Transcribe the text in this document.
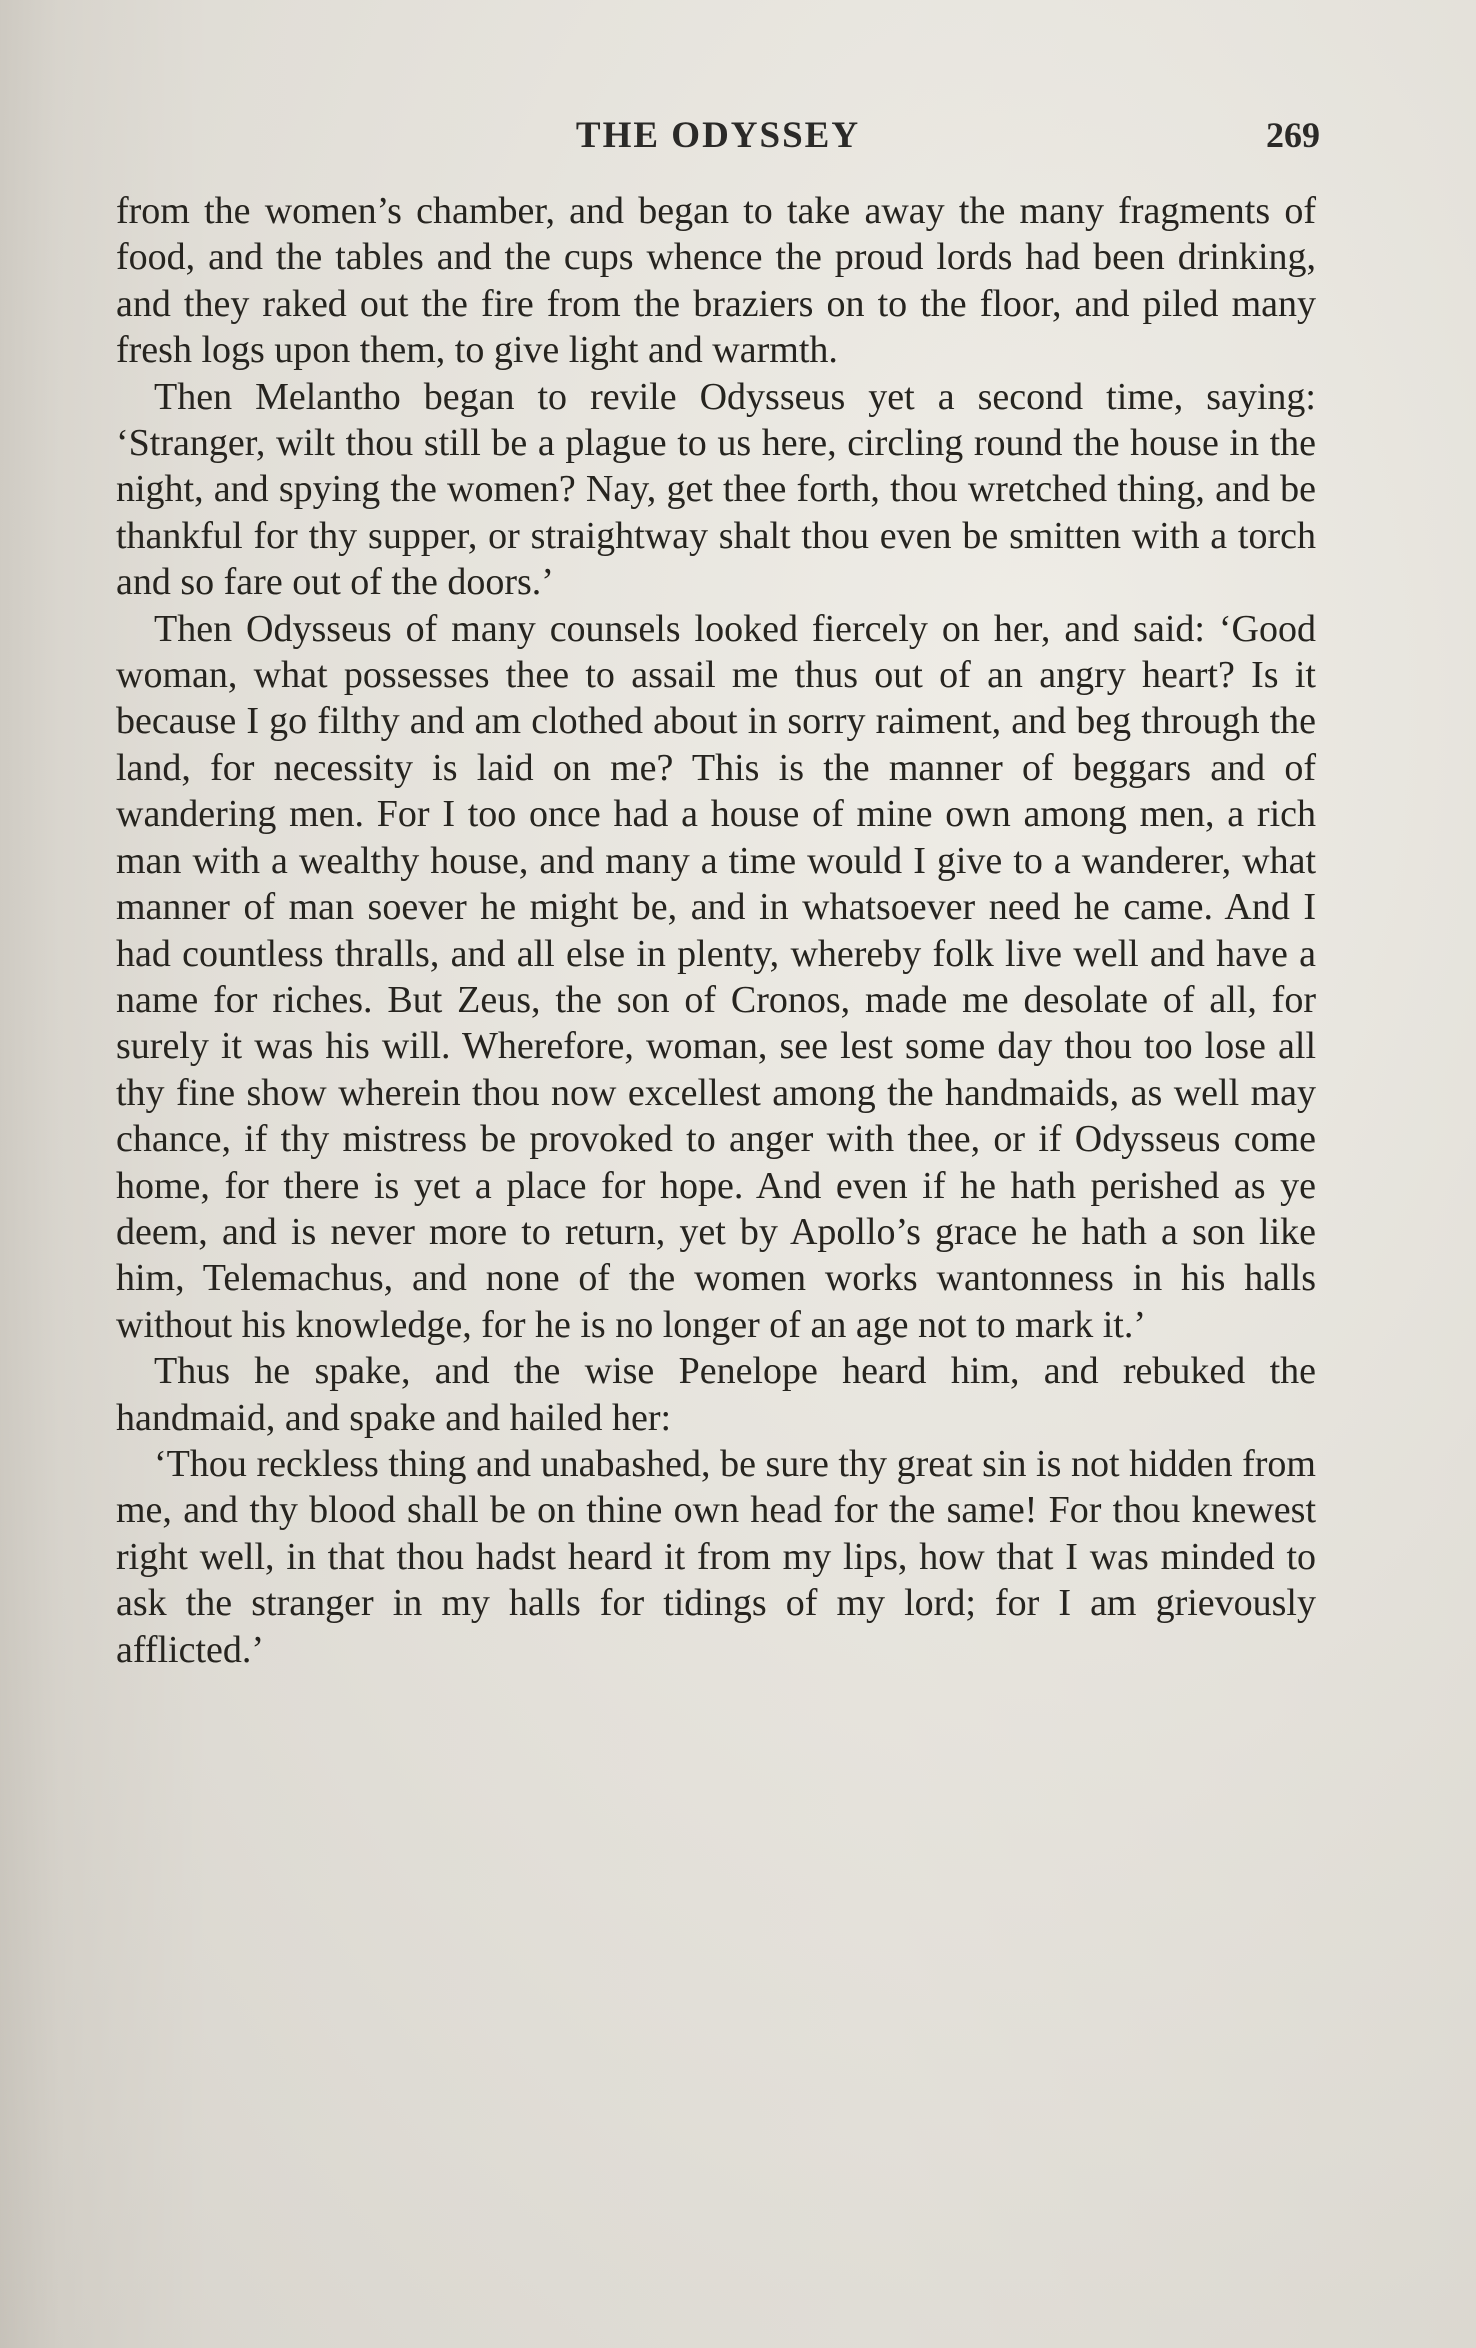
THE ODYSSEY	269

from the women’s chamber, and began to take away the many fragments of food, and the tables and the cups whence the proud lords had been drinking, and they raked out the fire from the braziers on to the floor, and piled many fresh logs upon them, to give light and warmth.

Then Melantho began to revile Odysseus yet a second time, saying: ‘Stranger, wilt thou still be a plague to us here, circling round the house in the night, and spying the women? Nay, get thee forth, thou wretched thing, and be thankful for thy supper, or straightway shalt thou even be smitten with a torch and so fare out of the doors.’

Then Odysseus of many counsels looked fiercely on her, and said: ‘Good woman, what possesses thee to assail me thus out of an angry heart? Is it because I go filthy and am clothed about in sorry raiment, and beg through the land, for necessity is laid on me? This is the manner of beggars and of wandering men. For I too once had a house of mine own among men, a rich man with a wealthy house, and many a time would I give to a wanderer, what manner of man soever he might be, and in whatsoever need he came. And I had countless thralls, and all else in plenty, whereby folk live well and have a name for riches. But Zeus, the son of Cronos, made me desolate of all, for surely it was his will. Wherefore, woman, see lest some day thou too lose all thy fine show wherein thou now excellest among the handmaids, as well may chance, if thy mistress be provoked to anger with thee, or if Odysseus come home, for there is yet a place for hope. And even if he hath perished as ye deem, and is never more to return, yet by Apollo’s grace he hath a son like him, Telemachus, and none of the women works wantonness in his halls without his knowledge, for he is no longer of an age not to mark it.’

Thus he spake, and the wise Penelope heard him, and rebuked the handmaid, and spake and hailed her:

‘Thou reckless thing and unabashed, be sure thy great sin is not hidden from me, and thy blood shall be on thine own head for the same! For thou knewest right well, in that thou hadst heard it from my lips, how that I was minded to ask the stranger in my halls for tidings of my lord; for I am grievously afflicted.’
